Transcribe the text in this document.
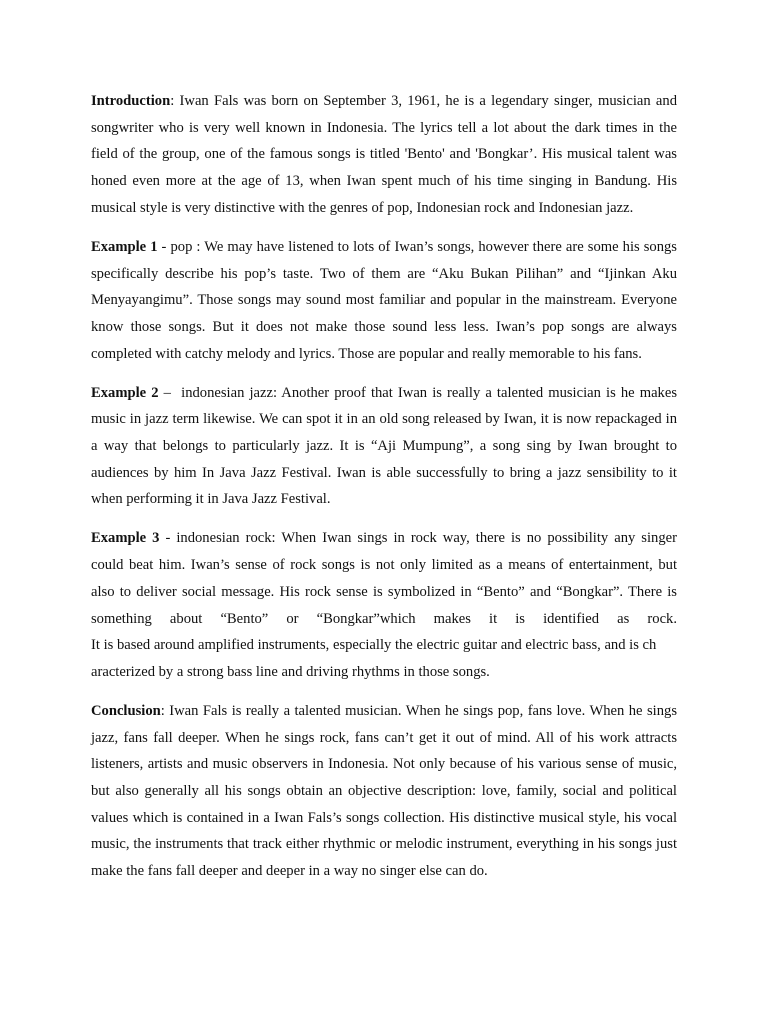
Introduction: Iwan Fals was born on September 3, 1961, he is a legendary singer, musician and songwriter who is very well known in Indonesia. The lyrics tell a lot about the dark times in the field of the group, one of the famous songs is titled 'Bento' and 'Bongkar’. His musical talent was honed even more at the age of 13, when Iwan spent much of his time singing in Bandung. His musical style is very distinctive with the genres of pop, Indonesian rock and Indonesian jazz.

Example 1 - pop : We may have listened to lots of Iwan’s songs, however there are some his songs specifically describe his pop’s taste. Two of them are “Aku Bukan Pilihan” and “Ijinkan Aku Menyayangimu”. Those songs may sound most familiar and popular in the mainstream. Everyone know those songs. But it does not make those sound less less. Iwan’s pop songs are always completed with catchy melody and lyrics. Those are popular and really memorable to his fans.

Example 2 –  indonesian jazz: Another proof that Iwan is really a talented musician is he makes music in jazz term likewise. We can spot it in an old song released by Iwan, it is now repackaged in a way that belongs to particularly jazz. It is “Aji Mumpung”, a song sing by Iwan brought to audiences by him In Java Jazz Festival. Iwan is able successfully to bring a jazz sensibility to it when performing it in Java Jazz Festival.

Example 3 - indonesian rock: When Iwan sings in rock way, there is no possibility any singer
could beat him. Iwan’s sense of rock songs is not only limited as a means of entertainment, but
also to deliver social message. His rock sense is symbolized in “Bento” and “Bongkar”. There is
something about “Bento” or “Bongkar”which makes it is identified as rock.
It is based around amplified instruments, especially the electric guitar and electric bass, and is ch
aracterized by a strong bass line and driving rhythms in those songs.

Conclusion: Iwan Fals is really a talented musician. When he sings pop, fans love. When he sings jazz, fans fall deeper. When he sings rock, fans can’t get it out of mind. All of his work attracts listeners, artists and music observers in Indonesia. Not only because of his various sense of music, but also generally all his songs obtain an objective description: love, family, social and political values which is contained in a Iwan Fals’s songs collection. His distinctive musical style, his vocal music, the instruments that track either rhythmic or melodic instrument, everything in his songs just make the fans fall deeper and deeper in a way no singer else can do.
